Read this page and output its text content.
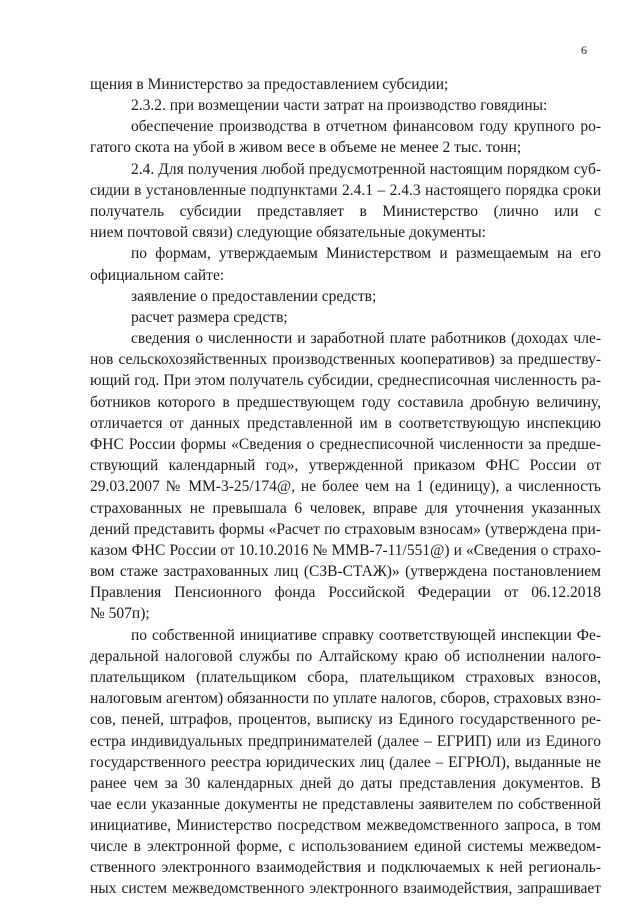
6
щения в Министерство за предоставлением субсидии;
2.3.2. при возмещении части затрат на производство говядины:
обеспечение производства в отчетном финансовом году крупного ро-
гатого скота на убой в живом весе в объеме не менее 2 тыс. тонн;
2.4. Для получения любой предусмотренной настоящим порядком суб-
сидии в установленные подпунктами 2.4.1 – 2.4.3 настоящего порядка сроки
получатель субсидии представляет в Министерство (лично или с
нием почтовой связи) следующие обязательные документы:
по формам, утверждаемым Министерством и размещаемым на его
официальном сайте:
заявление о предоставлении средств;
расчет размера средств;
сведения о численности и заработной плате работников (доходах чле-
нов сельскохозяйственных производственных кооперативов) за предшеству-
ющий год. При этом получатель субсидии, среднесписочная численность ра-
ботников которого в предшествующем году составила дробную величину,
отличается от данных представленной им в соответствующую инспекцию
ФНС России формы «Сведения о среднесписочной численности за предше-
ствующий календарный год», утвержденной приказом ФНС России от
29.03.2007 № ММ-3-25/174@, не более чем на 1 (единицу), а численность
страхованных не превышала 6 человек, вправе для уточнения указанных
дений представить формы «Расчет по страховым взносам» (утверждена при-
казом ФНС России от 10.10.2016 № ММВ-7-11/551@) и «Сведения о страхо-
вом стаже застрахованных лиц (СЗВ-СТАЖ)» (утверждена постановлением
Правления Пенсионного фонда Российской Федерации от 06.12.2018
№ 507п);
по собственной инициативе справку соответствующей инспекции Фе-
деральной налоговой службы по Алтайскому краю об исполнении налого-
плательщиком (плательщиком сбора, плательщиком страховых взносов,
налоговым агентом) обязанности по уплате налогов, сборов, страховых взно-
сов, пеней, штрафов, процентов, выписку из Единого государственного ре-
естра индивидуальных предпринимателей (далее – ЕГРИП) или из Единого
государственного реестра юридических лиц (далее – ЕГРЮЛ), выданные не
ранее чем за 30 календарных дней до даты представления документов. В
чае если указанные документы не представлены заявителем по собственной
инициативе, Министерство посредством межведомственного запроса, в том
числе в электронной форме, с использованием единой системы межведом-
ственного электронного взаимодействия и подключаемых к ней региональ-
ных систем межведомственного электронного взаимодействия, запрашивает
